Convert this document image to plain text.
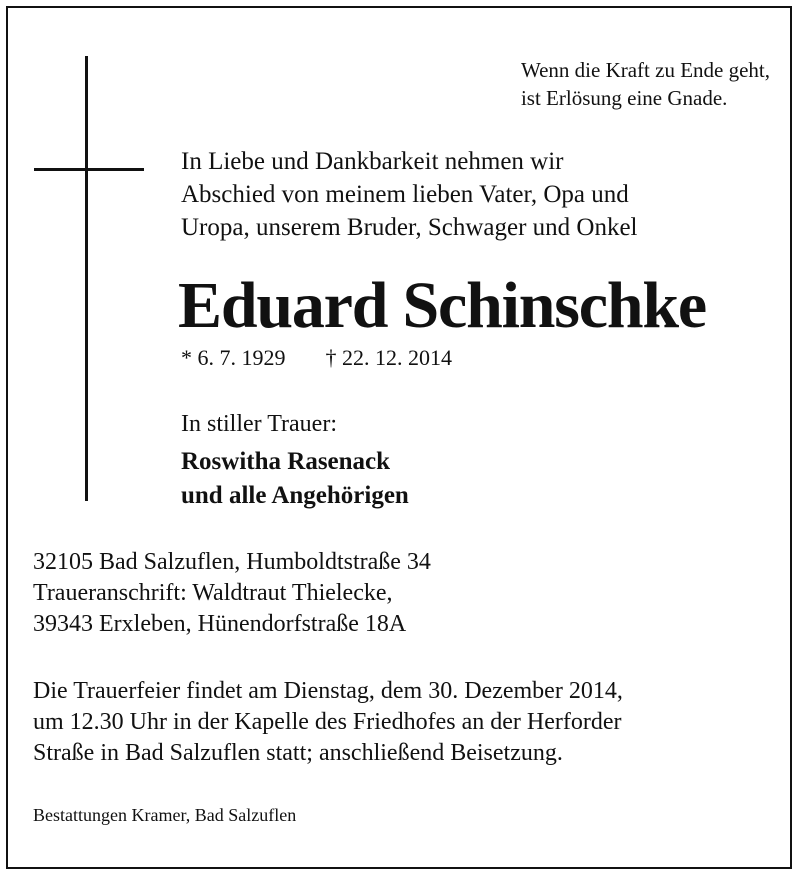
Wenn die Kraft zu Ende geht,
ist Erlösung eine Gnade.
In Liebe und Dankbarkeit nehmen wir
Abschied von meinem lieben Vater, Opa und
Uropa, unserem Bruder, Schwager und Onkel
Eduard Schinschke
* 6. 7. 1929 † 22. 12. 2014
In stiller Trauer:
Roswitha Rasenack
und alle Angehörigen
32105 Bad Salzuflen, Humboldtstraße 34
Traueranschrift: Waldtraut Thielecke,
39343 Erxleben, Hünendorfstraße 18A
Die Trauerfeier findet am Dienstag, dem 30. Dezember 2014,
um 12.30 Uhr in der Kapelle des Friedhofes an der Herforder
Straße in Bad Salzuflen statt; anschließend Beisetzung.
Bestattungen Kramer, Bad Salzuflen
